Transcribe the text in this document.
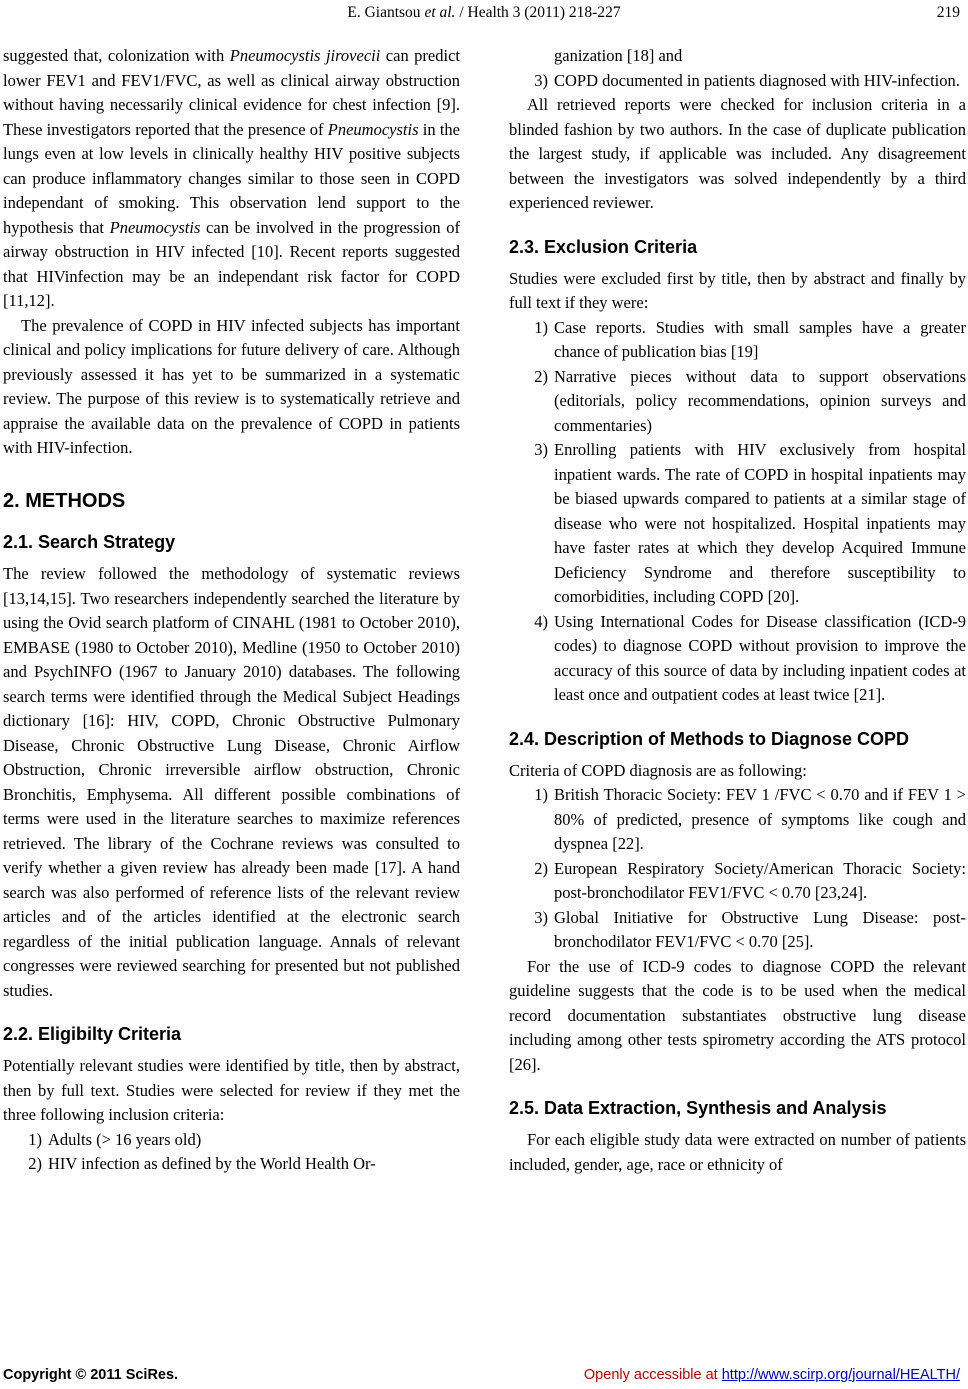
E. Giantsou et al. / Health 3 (2011) 218-227	219

suggested that, colonization with Pneumocystis jirovecii can predict lower FEV1 and FEV1/FVC, as well as clinical airway obstruction without having necessarily clinical evidence for chest infection [9]. These investigators reported that the presence of Pneumocystis in the lungs even at low levels in clinically healthy HIV positive subjects can produce inflammatory changes similar to those seen in COPD independant of smoking. This observation lend support to the hypothesis that Pneumocystis can be involved in the progression of airway obstruction in HIV infected [10]. Recent reports suggested that HIVinfection may be an independant risk factor for COPD [11,12].

The prevalence of COPD in HIV infected subjects has important clinical and policy implications for future delivery of care. Although previously assessed it has yet to be summarized in a systematic review. The purpose of this review is to systematically retrieve and appraise the available data on the prevalence of COPD in patients with HIV-infection.

2. METHODS
2.1. Search Strategy

The review followed the methodology of systematic reviews [13,14,15]. Two researchers independently searched the literature by using the Ovid search platform of CINAHL (1981 to October 2010), EMBASE (1980 to October 2010), Medline (1950 to October 2010) and PsychINFO (1967 to January 2010) databases. The following search terms were identified through the Medical Subject Headings dictionary [16]: HIV, COPD, Chronic Obstructive Pulmonary Disease, Chronic Obstructive Lung Disease, Chronic Airflow Obstruction, Chronic irreversible airflow obstruction, Chronic Bronchitis, Emphysema. All different possible combinations of terms were used in the literature searches to maximize references retrieved. The library of the Cochrane reviews was consulted to verify whether a given review has already been made [17]. A hand search was also performed of reference lists of the relevant review articles and of the articles identified at the electronic search regardless of the initial publication language. Annals of relevant congresses were reviewed searching for presented but not published studies.

2.2. Eligibilty Criteria

Potentially relevant studies were identified by title, then by abstract, then by full text. Studies were selected for review if they met the three following inclusion criteria:

1) Adults (> 16 years old)
2) HIV infection as defined by the World Health Or-
ganization [18] and
3) COPD documented in patients diagnosed with HIV-infection.

All retrieved reports were checked for inclusion criteria in a blinded fashion by two authors. In the case of duplicate publication the largest study, if applicable was included. Any disagreement between the investigators was solved independently by a third experienced reviewer.

2.3. Exclusion Criteria

Studies were excluded first by title, then by abstract and finally by full text if they were:

1) Case reports. Studies with small samples have a greater chance of publication bias [19]
2) Narrative pieces without data to support observations (editorials, policy recommendations, opinion surveys and commentaries)
3) Enrolling patients with HIV exclusively from hospital inpatient wards. The rate of COPD in hospital inpatients may be biased upwards compared to patients at a similar stage of disease who were not hospitalized. Hospital inpatients may have faster rates at which they develop Acquired Immune Deficiency Syndrome and therefore susceptibility to comorbidities, including COPD [20].
4) Using International Codes for Disease classification (ICD-9 codes) to diagnose COPD without provision to improve the accuracy of this source of data by including inpatient codes at least once and outpatient codes at least twice [21].
2.4. Description of Methods to Diagnose COPD

Criteria of COPD diagnosis are as following:

1) British Thoracic Society: FEV 1 /FVC < 0.70 and if FEV 1 > 80% of predicted, presence of symptoms like cough and dyspnea [22].
2) European Respiratory Society/American Thoracic Society: post-bronchodilator FEV1/FVC < 0.70 [23,24].
3) Global Initiative for Obstructive Lung Disease: post-bronchodilator FEV1/FVC < 0.70 [25].

For the use of ICD-9 codes to diagnose COPD the relevant guideline suggests that the code is to be used when the medical record documentation substantiates obstructive lung disease including among other tests spirometry according the ATS protocol [26].

2.5. Data Extraction, Synthesis and Analysis

For each eligible study data were extracted on number of patients included, gender, age, race or ethnicity of

Copyright © 2011 SciRes.	Openly accessible at http://www.scirp.org/journal/HEALTH/
